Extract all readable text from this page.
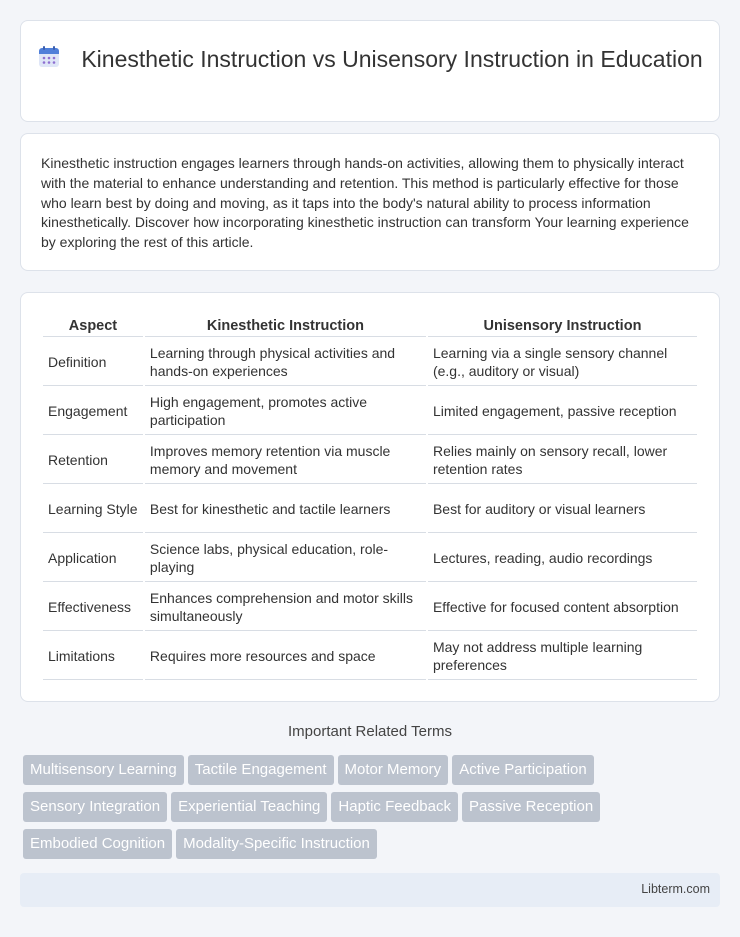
Kinesthetic Instruction vs Unisensory Instruction in Education

Kinesthetic instruction engages learners through hands-on activities, allowing them to physically interact with the material to enhance understanding and retention. This method is particularly effective for those who learn best by doing and moving, as it taps into the body's natural ability to process information kinesthetically. Discover how incorporating kinesthetic instruction can transform Your learning experience by exploring the rest of this article.

Aspect	Kinesthetic Instruction	Unisensory Instruction
Definition	Learning through physical activities and hands-on experiences	Learning via a single sensory channel (e.g., auditory or visual)
Engagement	High engagement, promotes active participation	Limited engagement, passive reception
Retention	Improves memory retention via muscle memory and movement	Relies mainly on sensory recall, lower retention rates
Learning Style	Best for kinesthetic and tactile learners	Best for auditory or visual learners
Application	Science labs, physical education, role-playing	Lectures, reading, audio recordings
Effectiveness	Enhances comprehension and motor skills simultaneously	Effective for focused content absorption
Limitations	Requires more resources and space	May not address multiple learning preferences
Important Related Terms
Multisensory Learning Tactile Engagement Motor Memory Active Participation
Sensory Integration Experiential Teaching Haptic Feedback Passive Reception
Embodied Cognition Modality-Specific Instruction
Libterm.com
